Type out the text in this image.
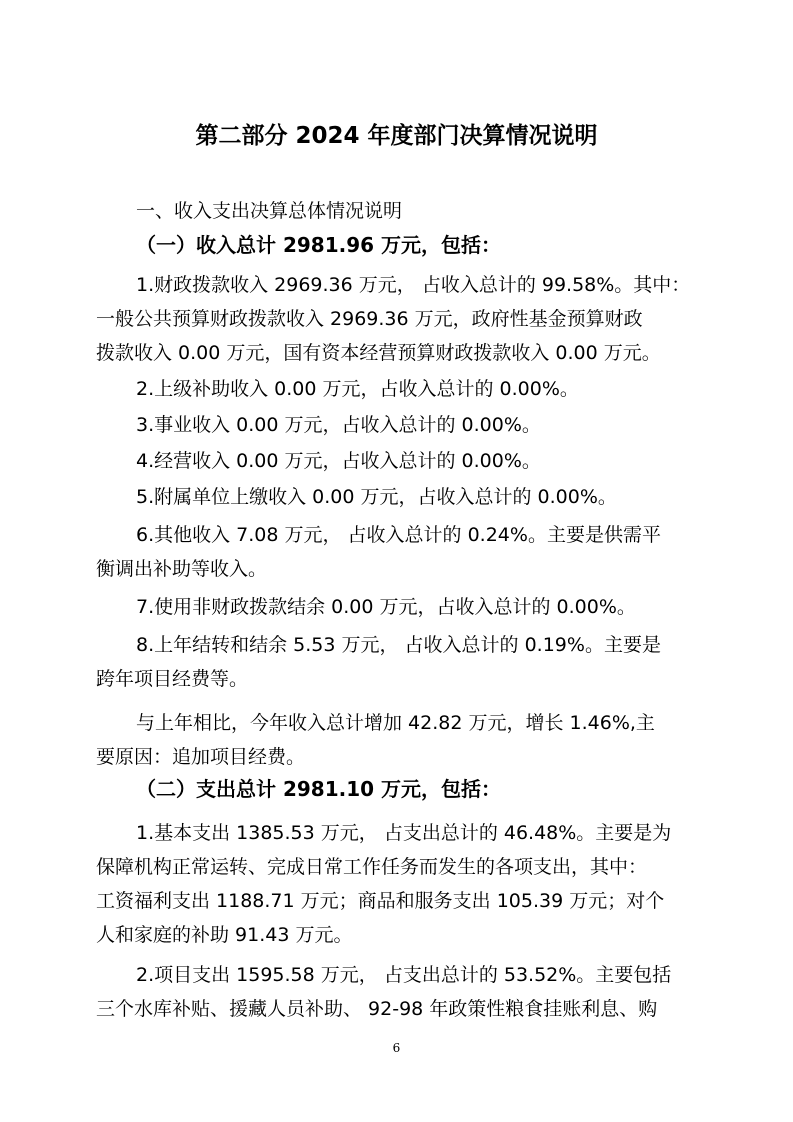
第二部分 2024 年度部门决算情况说明
一、收入支出决算总体情况说明
（一）收入总计 2981.96 万元，包括：
1.财政拨款收入 2969.36 万元， 占收入总计的 99.58%。其中：
一般公共预算财政拨款收入 2969.36 万元，政府性基金预算财政
拨款收入 0.00 万元，国有资本经营预算财政拨款收入 0.00 万元。
2.上级补助收入 0.00 万元，占收入总计的 0.00%。
3.事业收入 0.00 万元，占收入总计的 0.00%。
4.经营收入 0.00 万元，占收入总计的 0.00%。
5.附属单位上缴收入 0.00 万元，占收入总计的 0.00%。
6.其他收入 7.08 万元， 占收入总计的 0.24%。主要是供需平
衡调出补助等收入。
7.使用非财政拨款结余 0.00 万元，占收入总计的 0.00%。
8.上年结转和结余 5.53 万元， 占收入总计的 0.19%。主要是
跨年项目经费等。
与上年相比，今年收入总计增加 42.82 万元，增长 1.46%,主
要原因：追加项目经费。
（二）支出总计 2981.10 万元，包括：
1.基本支出 1385.53 万元， 占支出总计的 46.48%。主要是为
保障机构正常运转、完成日常工作任务而发生的各项支出，其中：
工资福利支出 1188.71 万元；商品和服务支出 105.39 万元；对个
人和家庭的补助 91.43 万元。
2.项目支出 1595.58 万元， 占支出总计的 53.52%。主要包括
三个水库补贴、援藏人员补助、 92-98 年政策性粮食挂账利息、购
6
